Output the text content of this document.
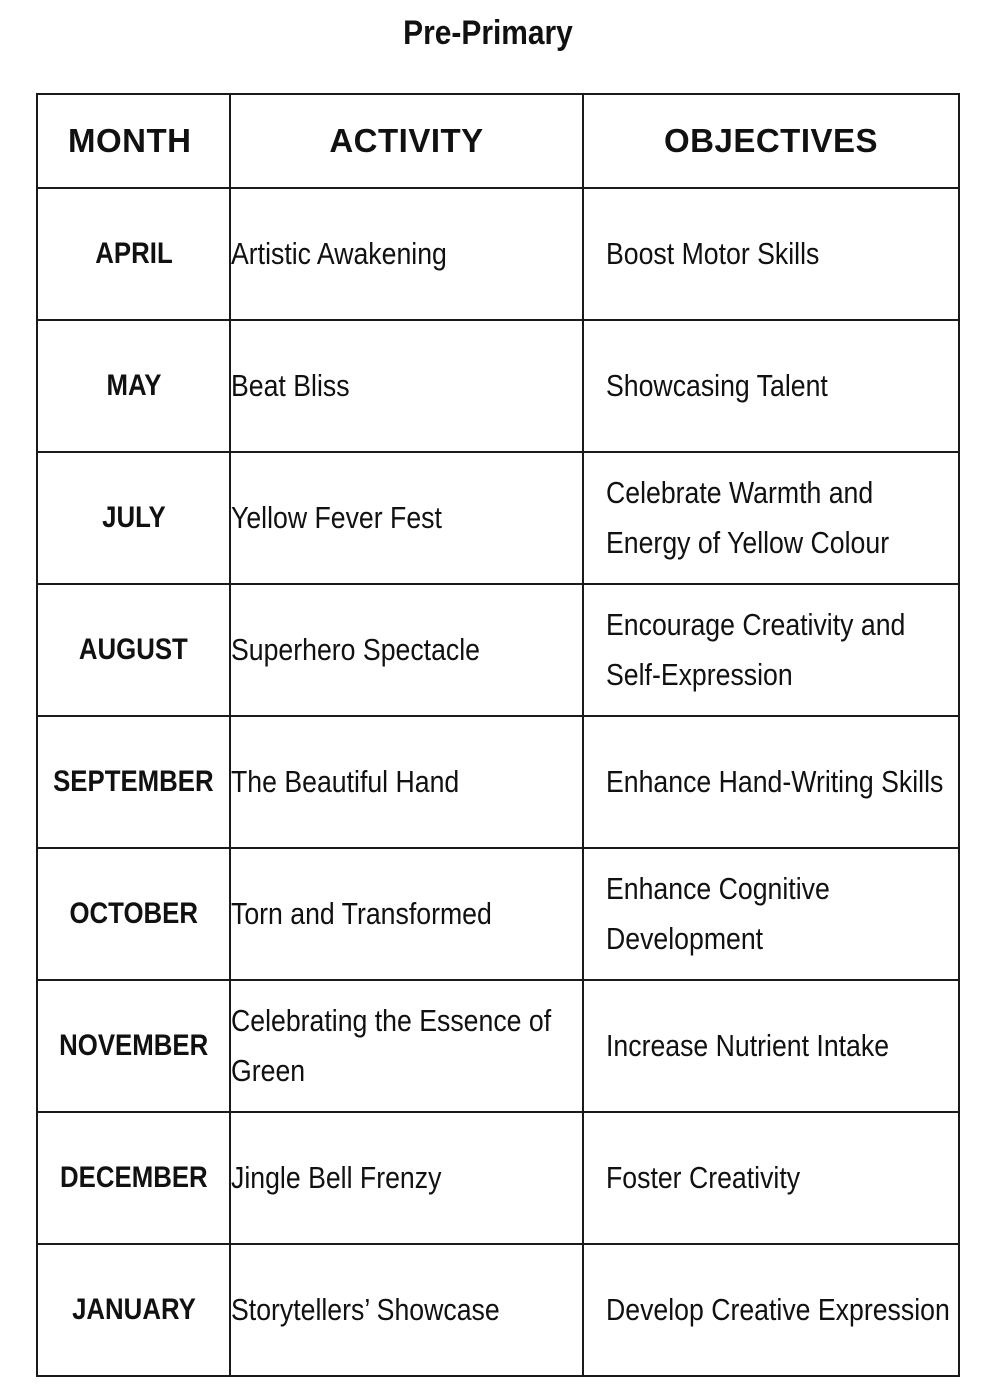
Pre-Primary
MONTH	ACTIVITY	OBJECTIVES
APRIL	Artistic Awakening	Boost Motor Skills

MAY	Beat Bliss	Showcasing Talent

JULY	Yellow Fever Fest	Celebrate Warmth and Energy of Yellow Colour

AUGUST	Superhero Spectacle	Encourage Creativity and Self-Expression

SEPTEMBER	The Beautiful Hand	Enhance Hand-Writing Skills

OCTOBER	Torn and Transformed	Enhance Cognitive Development

NOVEMBER	Celebrating the Essence of Green	Increase Nutrient Intake

DECEMBER	Jingle Bell Frenzy	Foster Creativity

JANUARY	Storytellers’ Showcase	Develop Creative Expression
